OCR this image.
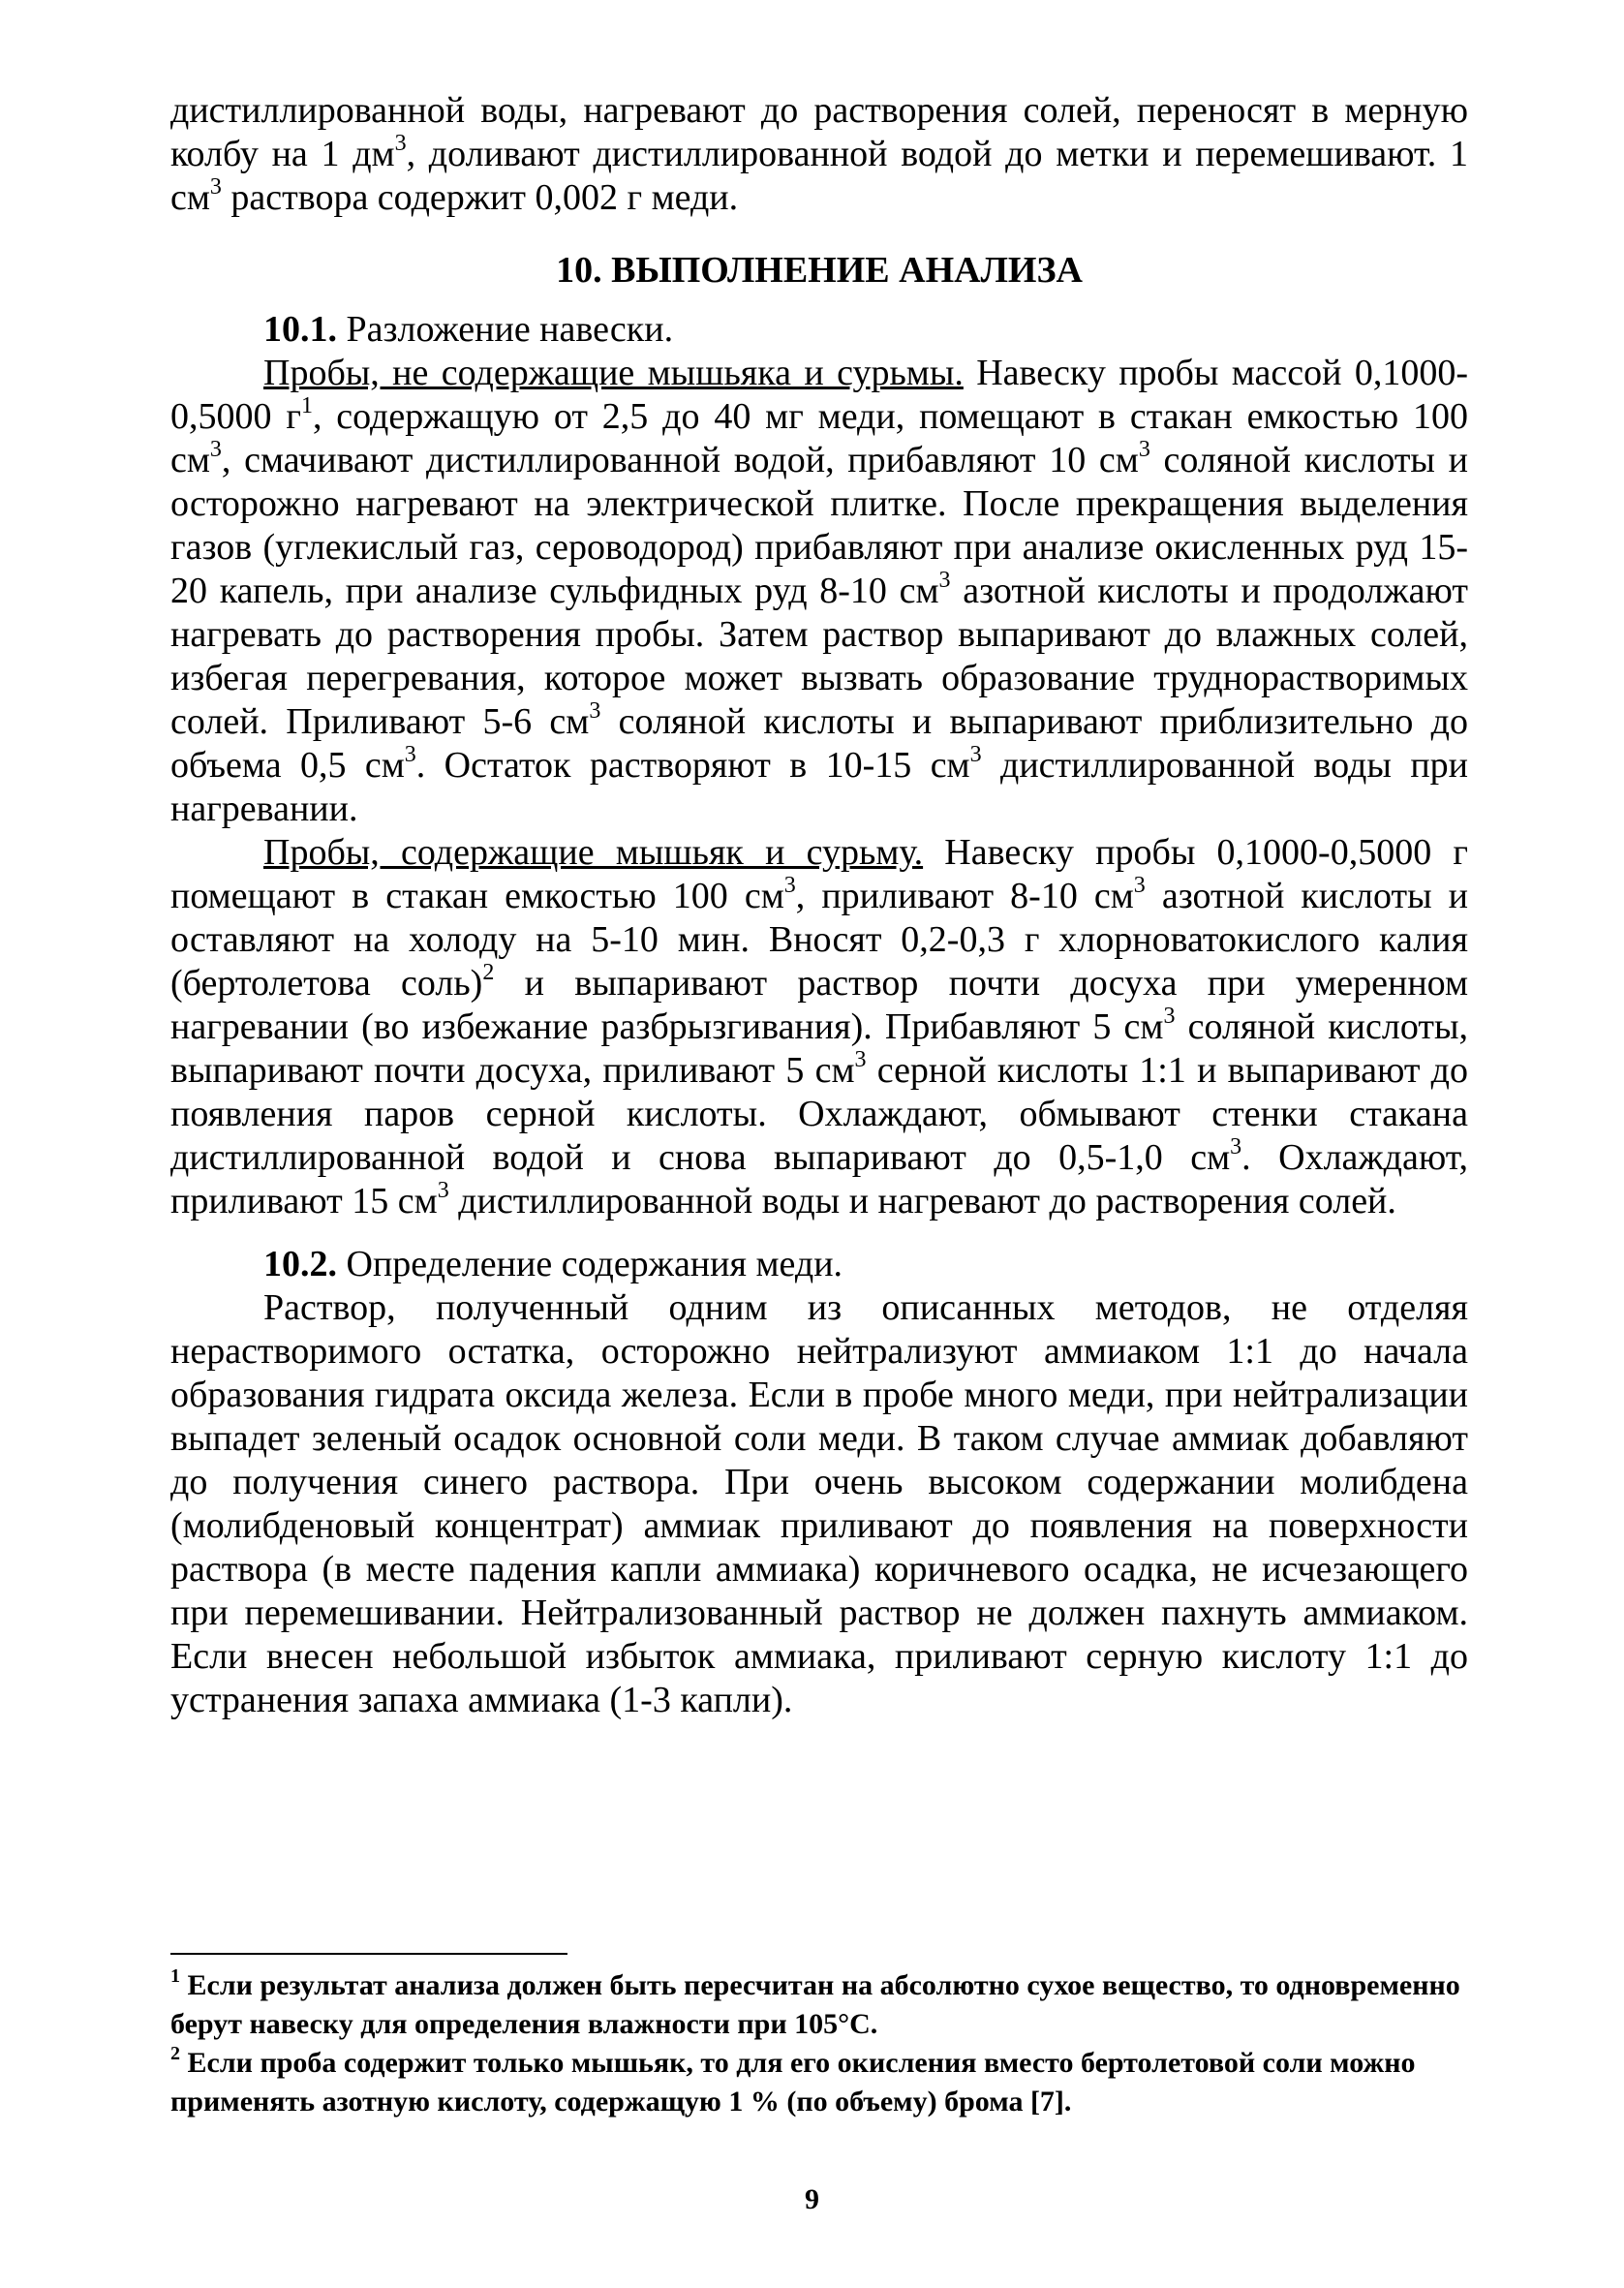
дистиллированной воды, нагревают до растворения солей, переносят в мерную колбу на 1 $дм^3$, доливают дистиллированной водой до метки и перемешивают. 1 $см^3$ раствора содержит 0,002 г меди.

10. ВЫПОЛНЕНИЕ АНАЛИЗА

10.1. Разложение навески.

Пробы, не содержащие мышьяка и сурьмы. Навеску пробы массой 0,1000-0,5000 $г^1$, содержащую от 2,5 до 40 мг меди, помещают в стакан емкостью 100 $см^3$, смачивают дистиллированной водой, прибавляют 10 $см^3$ соляной кислоты и осторожно нагревают на электрической плитке. После прекращения выделения газов (углекислый газ, сероводород) прибавляют при анализе окисленных руд 15-20 капель, при анализе сульфидных руд 8-10 $см^3$ азотной кислоты и продолжают нагревать до растворения пробы. Затем раствор выпаривают до влажных солей, избегая перегревания, которое может вызвать образование труднорастворимых солей. Приливают 5-6 $см^3$ соляной кислоты и выпаривают приблизительно до объема 0,5 $см^3$. Остаток растворяют в 10-15 $см^3$ дистиллированной воды при нагревании.

Пробы, содержащие мышьяк и сурьму. Навеску пробы 0,1000-0,5000 г помещают в стакан емкостью 100 $см^3$, приливают 8-10 $см^3$ азотной кислоты и оставляют на холоду на 5-10 мин. Вносят 0,2-0,3 г хлорноватокислого калия (бертолетова соль)$^2$ и выпаривают раствор почти досуха при умеренном нагревании (во избежание разбрызгивания). Прибавляют 5 $см^3$ соляной кислоты, выпаривают почти досуха, приливают 5 $см^3$ серной кислоты 1:1 и выпаривают до появления паров серной кислоты. Охлаждают, обмывают стенки стакана дистиллированной водой и снова выпаривают до 0,5-1,0 $см^3$. Охлаждают, приливают 15 $см^3$ дистиллированной воды и нагревают до растворения солей.

10.2. Определение содержания меди.

Раствор, полученный одним из описанных методов, не отделяя нерастворимого остатка, осторожно нейтрализуют аммиаком 1:1 до начала образования гидрата оксида железа. Если в пробе много меди, при нейтрализации выпадет зеленый осадок основной соли меди. В таком случае аммиак добавляют до получения синего раствора. При очень высоком содержании молибдена (молибденовый концентрат) аммиак приливают до появления на поверхности раствора (в месте падения капли аммиака) коричневого осадка, не исчезающего при перемешивании. Нейтрализованный раствор не должен пахнуть аммиаком. Если внесен небольшой избыток аммиака, приливают серную кислоту 1:1 до устранения запаха аммиака (1-3 капли).

$^1$ Если результат анализа должен быть пересчитан на абсолютно сухое вещество, то одновременно берут навеску для определения влажности при 105°С.

$^2$ Если проба содержит только мышьяк, то для его окисления вместо бертолетовой соли можно применять азотную кислоту, содержащую 1 % (по объему) брома [7].

9
